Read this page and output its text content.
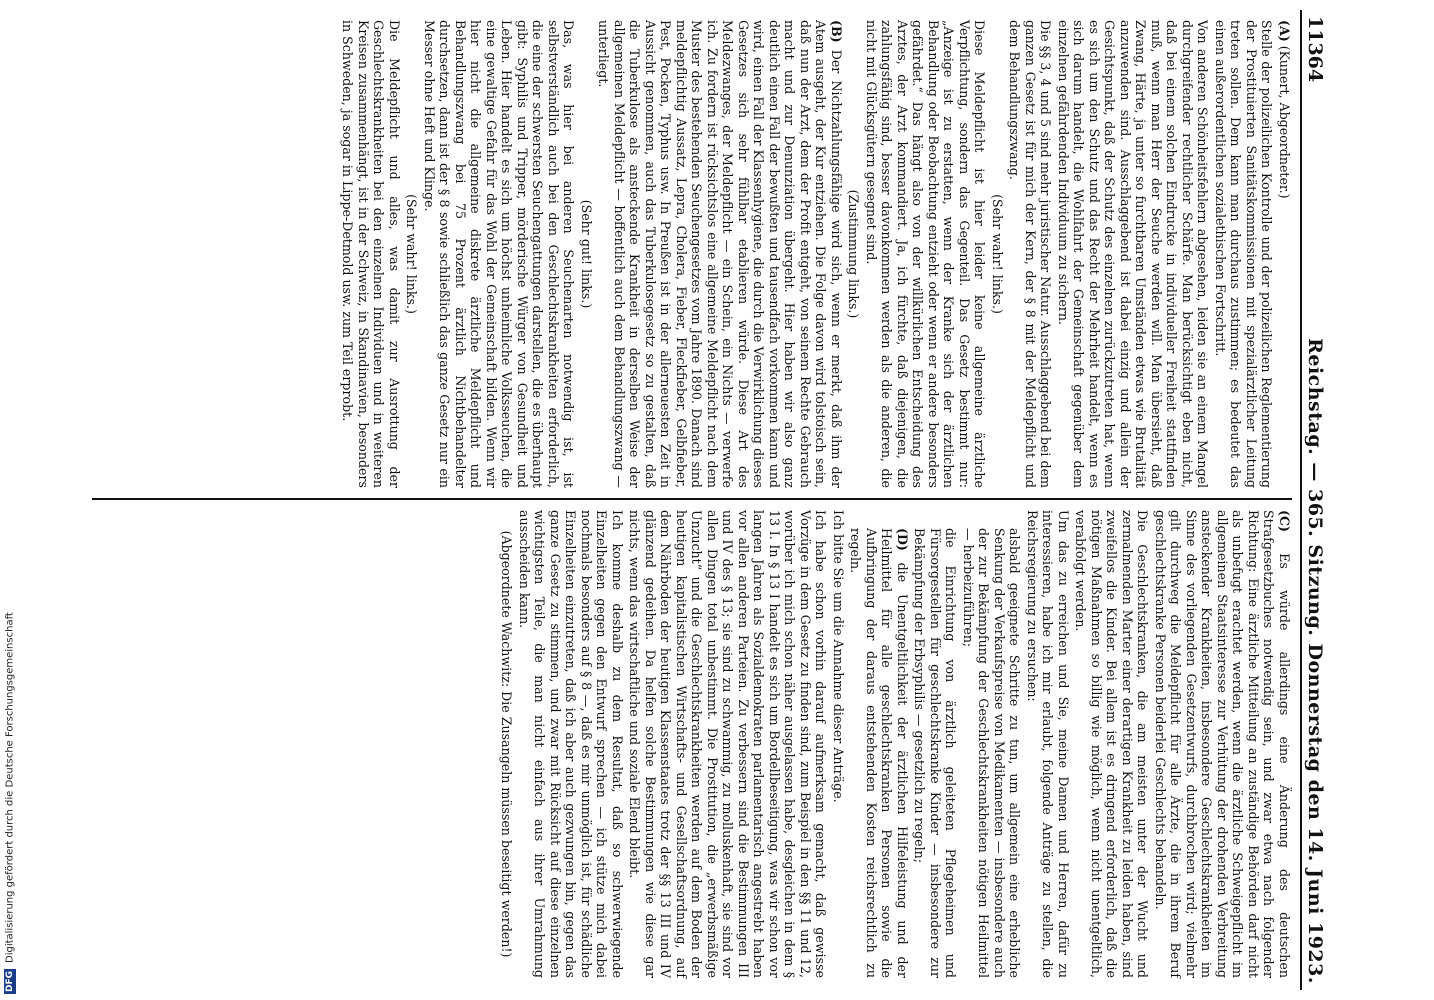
11364
Reichstag. — 365. Sitzung. Donnerstag den 14. Juni 1923.

(A) (Kunert, Abgeordneter.)

Stelle der polizeilichen Kontrolle und der polizeilichen Reglementierung der Prostituierten Sanitätskommissionen mit spezialärztlicher Leitung treten sollen. Dem kann man durchaus zustimmen; es bedeutet das einen außerordentlichen sozialethischen Fortschritt.

Von anderen Schönheitsfehlern abgesehen, leiden sie an einem Mangel durchgreifender rechtlicher Schärfe. Man berücksichtigt eben nicht, daß bei einem solchen Eindrucke in individueller Freiheit stattfinden muß, wenn man Herr der Seuche werden will. Man übersieht, daß Zwang, Härte, ja unter so furchtbaren Umständen etwas wie Brutalität anzuwenden sind. Ausschlaggebend ist dabei einzig und allein der Gesichtspunkt, daß der Schutz des einzelnen zurückzutreten hat, wenn es sich um den Schutz und das Recht der Mehrheit handelt, wenn es sich darum handelt, die Wohlfahrt der Gemeinschaft gegenüber dem einzelnen gefährdenden Individuum zu sichern.

Die §§ 3, 4 und 5 sind mehr juristischer Natur. Ausschlaggebend bei dem ganzen Gesetz ist für mich der Kern, der § 8 mit der Meldepflicht und dem Behandlungszwang.

(Sehr wahr! links.)

Diese Meldepflicht ist hier leider keine allgemeine ärztliche Verpflichtung, sondern das Gegenteil. Das Gesetz bestimmt nur: „Anzeige ist zu erstatten, wenn der Kranke sich der ärztlichen Behandlung oder Beobachtung entzieht oder wenn er andere besonders gefährdet.“ Das hängt also von der willkürlichen Entscheidung des Arztes, der Arzt kommandiert. Ja, ich fürchte, daß diejenigen, die zahlungsfähig sind, besser davonkommen werden als die anderen, die nicht mit Glücksgütern gesegnet sind.

(Zustimmung links.)

(B) Der Nichtzahlungsfähige wird sich, wenn er merkt, daß ihm der Atem ausgeht, der Kur entziehen. Die Folge davon wird tolstoisch sein, daß nun der Arzt, dem der Profit entgeht, von seinem Rechte Gebrauch macht und zur Denunziation übergeht. Hier haben wir also ganz deutlich einen Fall der bewußten und tausendfach vorkommen kann und wird, einen Fall der Klassenhygiene, die durch die Verwirklichung dieses Gesetzes sich sehr fühlbar etablieren würde. Diese Art des Meldezwanges, der Meldepflicht — ein Schein, ein Nichts — verwerfe ich. Zu fordern ist rücksichtslos eine allgemeine Meldepflicht nach dem Muster des bestehenden Seuchengesetzes vom Jahre 1890. Danach sind meldepflichtig Aussatz, Lepra, Cholera, Fieber, Fleckfieber, Gelbfieber, Pest, Pocken, Typhus usw. In Preußen ist in der allerneuesten Zeit in Aussicht genommen, auch das Tuberkulosegesetz so zu gestalten, daß die Tuberkulose als ansteckende Krankheit in derselben Weise der allgemeinen Meldepflicht — hoffentlich auch dem Behandlungszwang — unterliegt.

(Sehr gut! links.)

Das, was hier bei anderen Seuchenarten notwendig ist, ist selbstverständlich auch bei den Geschlechtskrankheiten erforderlich, die eine der schwersten Seuchengattungen darstellen, die es überhaupt gibt: Syphilis und Tripper, mörderische Würger von Gesundheit und Leben. Hier handelt es sich um höchst unheimliche Volksseuchen, die eine gewaltige Gefahr für das Wohl der Gemeinschaft bilden. Wenn wir hier nicht die allgemeine diskrete ärztliche Meldepflicht und Behandlungszwang bei 75 Prozent ärztlich Nichtbehandelter durchsetzen, dann ist der § 8 sowie schließlich das ganze Gesetz nur ein Messer ohne Heft und Klinge.

(Sehr wahr! links.)

Die Meldepflicht und alles, was damit zur Ausrottung der Geschlechtskrankheiten bei den einzelnen Individuen und in weiteren Kreisen zusammenhängt, ist in der Schweiz, in Skandinavien, besonders in Schweden, ja sogar in Lippe-Detmold usw. zum Teil erprobt.

(C) Es würde allerdings eine Änderung des deutschen Strafgesetzbuches notwendig sein, und zwar etwa nach folgender Richtung: Eine ärztliche Mitteilung an zuständige Behörden darf nicht als unbefugt erachtet werden, wenn die ärztliche Schweigepflicht im allgemeinen Staatsinteresse zur Verhütung der drohenden Verbreitung ansteckender Krankheiten, insbesondere Geschlechtskrankheiten im Sinne des vorliegenden Gesetzentwurfs, durchbrochen wird; vielmehr gilt durchweg die Meldepflicht für alle Ärzte, die in ihrem Beruf geschlechtskranke Personen beiderlei Geschlechts behandeln.

Die Geschlechtskranken, die am meisten unter der Wucht und zermalmenden Marter einer derartigen Krankheit zu leiden haben, sind zweifellos die Kinder. Bei allem ist es dringend erforderlich, daß die nötigen Maßnahmen so billig wie möglich, wenn nicht unentgeltlich, verabfolgt werden.

Um das zu erreichen und Sie, meine Damen und Herren, dafür zu interessieren, habe ich mir erlaubt, folgende Anträge zu stellen, die Reichsregierung zu ersuchen:

alsbald geeignete Schritte zu tun, um allgemein eine erhebliche Senkung der Verkaufspreise von Medikamenten — insbesondere auch der zur Bekämpfung der Geschlechtskrankheiten nötigen Heilmittel — herbeizuführen;

die Einrichtung von ärztlich geleiteten Pflegeheimen und Fürsorgestellen für geschlechtskranke Kinder — insbesondere zur Bekämpfung der Erbsyphilis — gesetzlich zu regeln;

(D) die Unentgeltlichkeit der ärztlichen Hilfeleistung und der Heilmittel für alle geschlechtskranken Personen sowie die Aufbringung der daraus entstehenden Kosten reichsrechtlich zu regeln.

Ich bitte Sie um die Annahme dieser Anträge.

Ich habe schon vorhin darauf aufmerksam gemacht, daß gewisse Vorzüge in dem Gesetz zu finden sind, zum Beispiel in den §§ 11 und 12, worüber ich mich schon näher ausgelassen habe, desgleichen in dem § 13 I. In § 13 I handelt es sich um Bordellbeseitigung, was wir schon vor langen Jahren als Sozialdemokraten parlamentarisch angestrebt haben vor allen anderen Parteien. Zu verbessern sind die Bestimmungen III und IV des § 13; sie sind zu schwammig, zu molluskenhaft, sie sind vor allen Dingen total unbestimmt. Die Prostitution, die „erwerbsmäßige Unzucht“ und die Geschlechtskrankheiten werden auf dem Boden der heutigen kapitalistischen Wirtschafts- und Gesellschaftsordnung, auf dem Nährboden der heutigen Klassenstaates trotz der §§ 13 III und IV glänzend gedeihen. Da helfen solche Bestimmungen wie diese gar nichts, wenn das wirtschaftliche und soziale Elend bleibt.

Ich komme deshalb zu dem Resultat, daß so schwerwiegende Einzelheiten gegen den Entwurf sprechen — ich stütze mich dabei nochmals besonders auf § 8 —, daß es mir unmöglich ist, für schädliche Einzelheiten einzutreten, daß ich aber auch gezwungen bin, gegen das ganze Gesetz zu stimmen, und zwar mit Rücksicht auf diese einzelnen wichtigsten Teile, die man nicht einfach aus ihrer Umrahmung ausscheiden kann.

(Abgeordnete Wachwitz: Die Zusangeln müssen beseitigt werden!)

DFG
Digitalisierung gefördert durch die Deutsche Forschungsgemeinschaft
